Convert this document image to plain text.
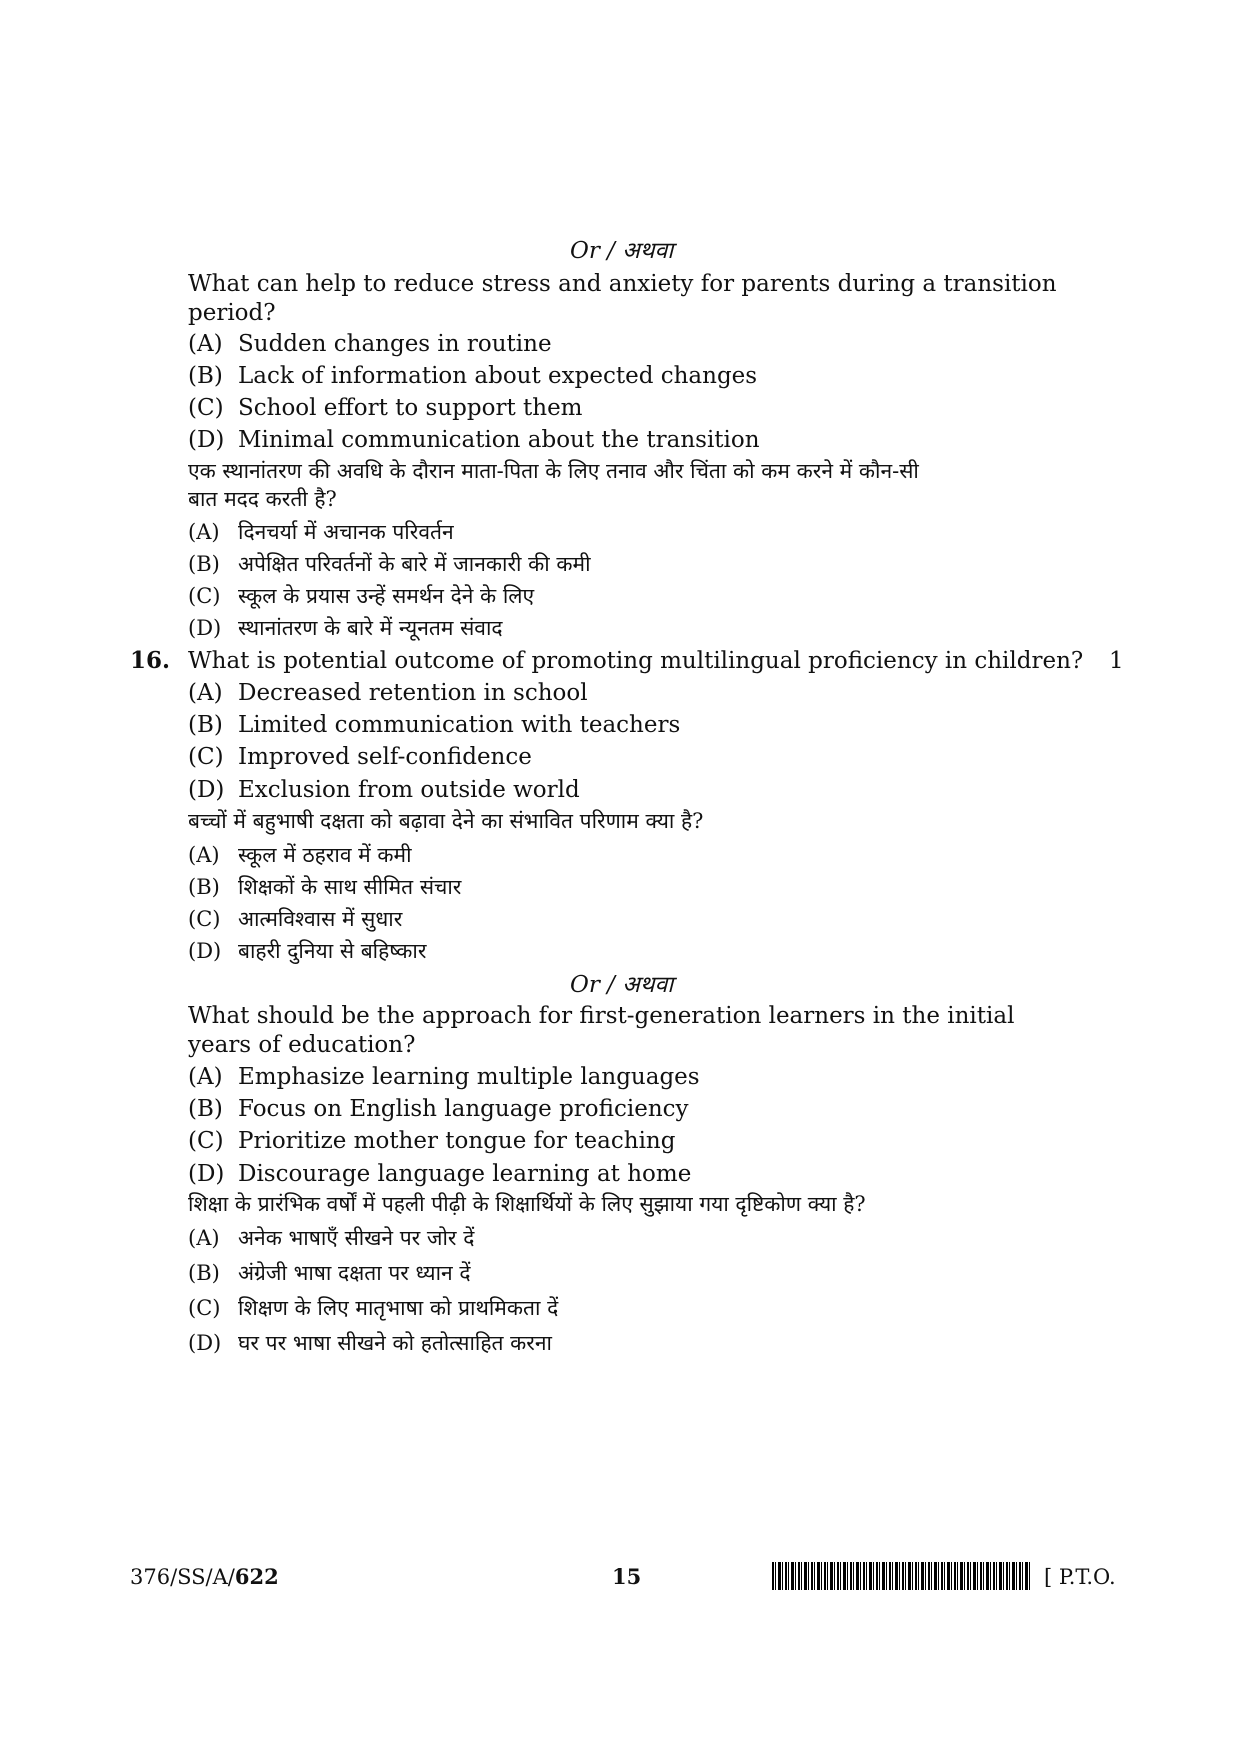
Or / अथवा
What can help to reduce stress and anxiety for parents during a transition
period?
(A) Sudden changes in routine
(B) Lack of information about expected changes
(C) School effort to support them
(D) Minimal communication about the transition
एक स्थानांतरण की अवधि के दौरान माता-पिता के लिए तनाव और चिंता को कम करने में कौन-सी
बात मदद करती है?
(A) दिनचर्या में अचानक परिवर्तन
(B) अपेक्षित परिवर्तनों के बारे में जानकारी की कमी
(C) स्कूल के प्रयास उन्हें समर्थन देने के लिए
(D) स्थानांतरण के बारे में न्यूनतम संवाद
16. What is potential outcome of promoting multilingual proficiency in children? 1
(A) Decreased retention in school
(B) Limited communication with teachers
(C) Improved self-confidence
(D) Exclusion from outside world
बच्चों में बहुभाषी दक्षता को बढ़ावा देने का संभावित परिणाम क्या है?
(A) स्कूल में ठहराव में कमी
(B) शिक्षकों के साथ सीमित संचार
(C) आत्मविश्वास में सुधार
(D) बाहरी दुनिया से बहिष्कार
Or / अथवा
What should be the approach for first-generation learners in the initial
years of education?
(A) Emphasize learning multiple languages
(B) Focus on English language proficiency
(C) Prioritize mother tongue for teaching
(D) Discourage language learning at home
शिक्षा के प्रारंभिक वर्षों में पहली पीढ़ी के शिक्षार्थियों के लिए सुझाया गया दृष्टिकोण क्या है?
(A) अनेक भाषाएँ सीखने पर जोर दें
(B) अंग्रेजी भाषा दक्षता पर ध्यान दें
(C) शिक्षण के लिए मातृभाषा को प्राथमिकता दें
(D) घर पर भाषा सीखने को हतोत्साहित करना
376/SS/A/622	15	[ P.T.O.
